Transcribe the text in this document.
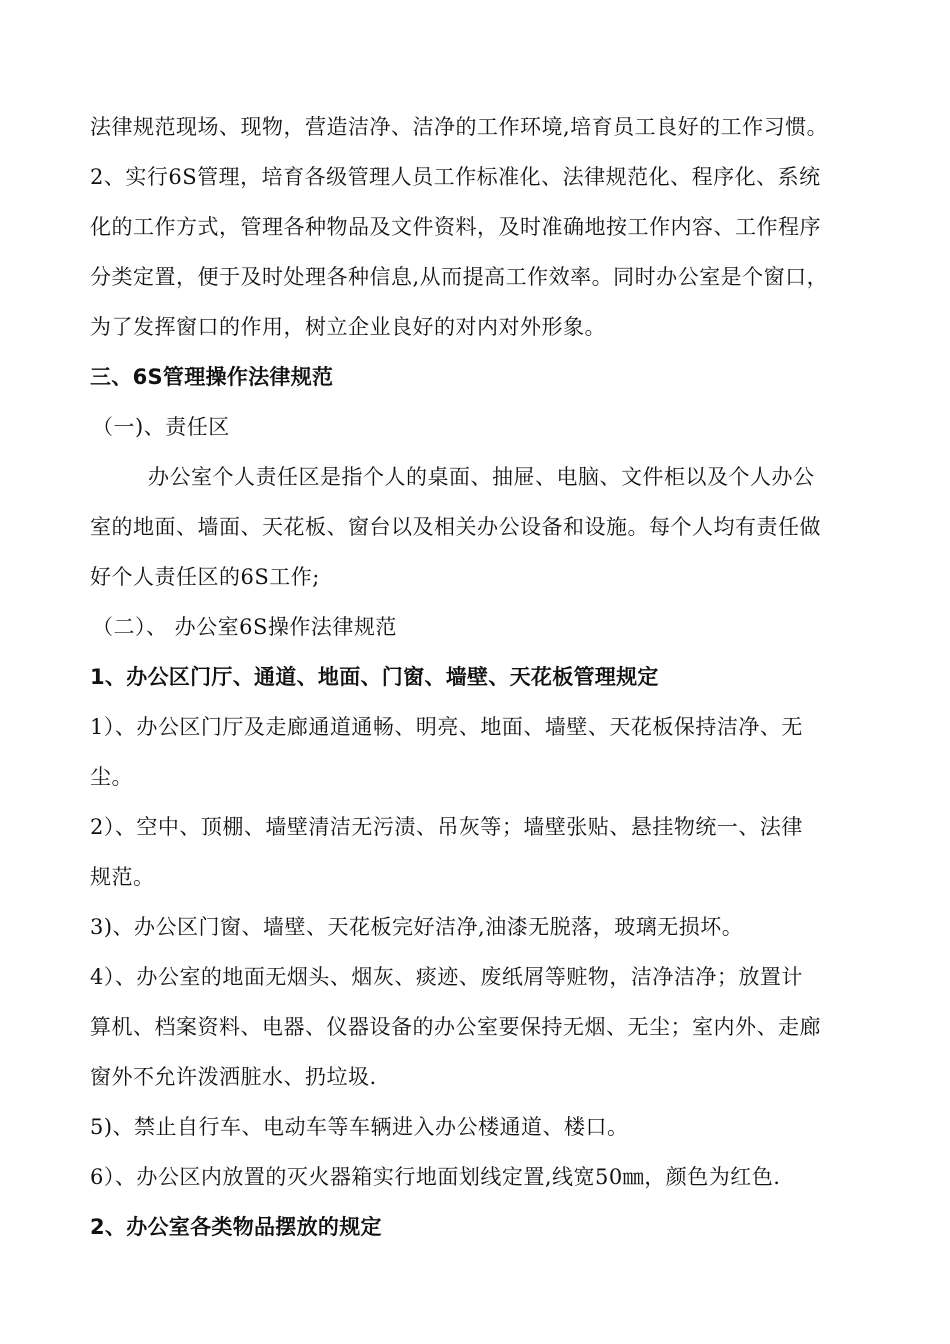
法律规范现场、现物，营造洁净、洁净的工作环境,培育员工良好的工作习惯。
2、实行6S管理，培育各级管理人员工作标准化、法律规范化、程序化、系统
化的工作方式，管理各种物品及文件资料，及时准确地按工作内容、工作程序
分类定置，便于及时处理各种信息,从而提高工作效率。同时办公室是个窗口，
为了发挥窗口的作用，树立企业良好的对内对外形象。
三、6S管理操作法律规范
（一)、责任区
办公室个人责任区是指个人的桌面、抽屉、电脑、文件柜以及个人办公
室的地面、墙面、天花板、窗台以及相关办公设备和设施。每个人均有责任做
好个人责任区的6S工作;
（二）、 办公室6S操作法律规范
1、办公区门厅、通道、地面、门窗、墙壁、天花板管理规定
1）、办公区门厅及走廊通道通畅、明亮、地面、墙壁、天花板保持洁净、无
尘。
2）、空中、顶棚、墙壁清洁无污渍、吊灰等；墙壁张贴、悬挂物统一、法律
规范。
3)、办公区门窗、墙壁、天花板完好洁净,油漆无脱落，玻璃无损坏。
4）、办公室的地面无烟头、烟灰、痰迹、废纸屑等赃物，洁净洁净；放置计
算机、档案资料、电器、仪器设备的办公室要保持无烟、无尘；室内外、走廊
窗外不允许泼洒脏水、扔垃圾.
5)、禁止自行车、电动车等车辆进入办公楼通道、楼口。
6）、办公区内放置的灭火器箱实行地面划线定置,线宽50㎜，颜色为红色.
2、办公室各类物品摆放的规定
